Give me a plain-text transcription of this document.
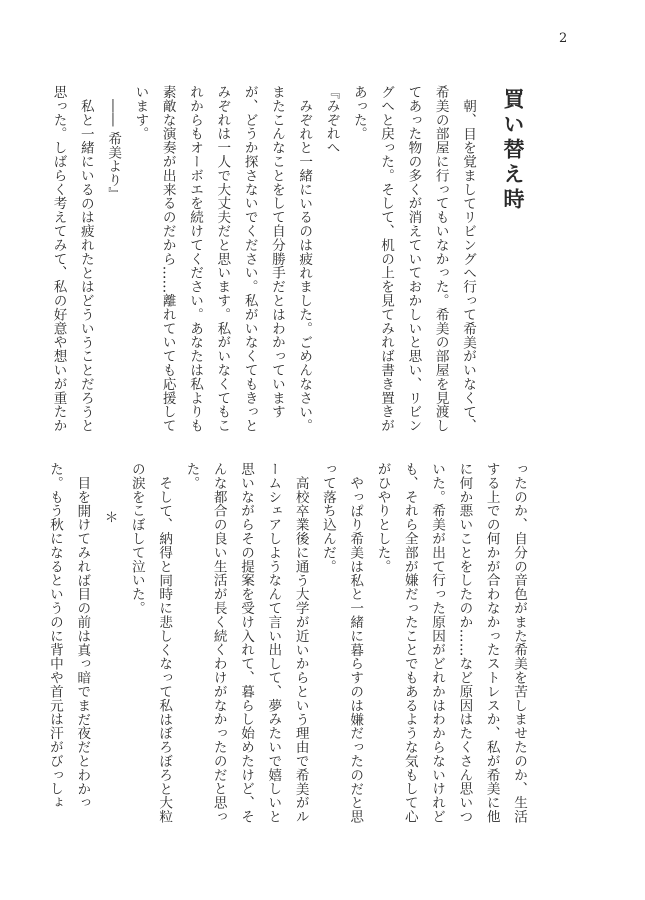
2
買い替え時

朝、目を覚ましてリビングへ行って希美がいなくて、希美の部屋に行ってもいなかった。希美の部屋を見渡してあった物の多くが消えていておかしいと思い、リビングへと戻った。そして、机の上を見てみれば書き置きがあった。

『みぞれへ

みぞれと一緒にいるのは疲れました。ごめんなさい。またこんなことをして自分勝手だとはわかっていますが、どうか探さないでください。私がいなくてもきっとみぞれは一人で大丈夫だと思います。私がいなくてもこれからもオーボエを続けてください。あなたは私よりも素敵な演奏が出来るのだから……離れていても応援しています。

―― 希美より』

私と一緒にいるのは疲れたとはどういうことだろうと思った。しばらく考えてみて、私の好意や想いが重たか

ったのか、自分の音色がまた希美を苦しませたのか、生活する上での何かが合わなかったストレスか、私が希美に他に何か悪いことをしたのか……など原因はたくさん思いついた。希美が出て行った原因がどれかはわからないけれども、それら全部が嫌だったことでもあるような気もして心がひやりとした。

やっぱり希美は私と一緒に暮らすのは嫌だったのだと思って落ち込んだ。

高校卒業後に通う大学が近いからという理由で希美がルームシェアしようなんて言い出して、夢みたいで嬉しいと思いながらその提案を受け入れて、暮らし始めたけど、そんな都合の良い生活が長く続くわけがなかったのだと思った。

そして、納得と同時に悲しくなって私はぼろぼろと大粒の涙をこぼして泣いた。

＊

目を開けてみれば目の前は真っ暗でまだ夜だとわかった。もう秋になるというのに背中や首元は汗がびっしょ
